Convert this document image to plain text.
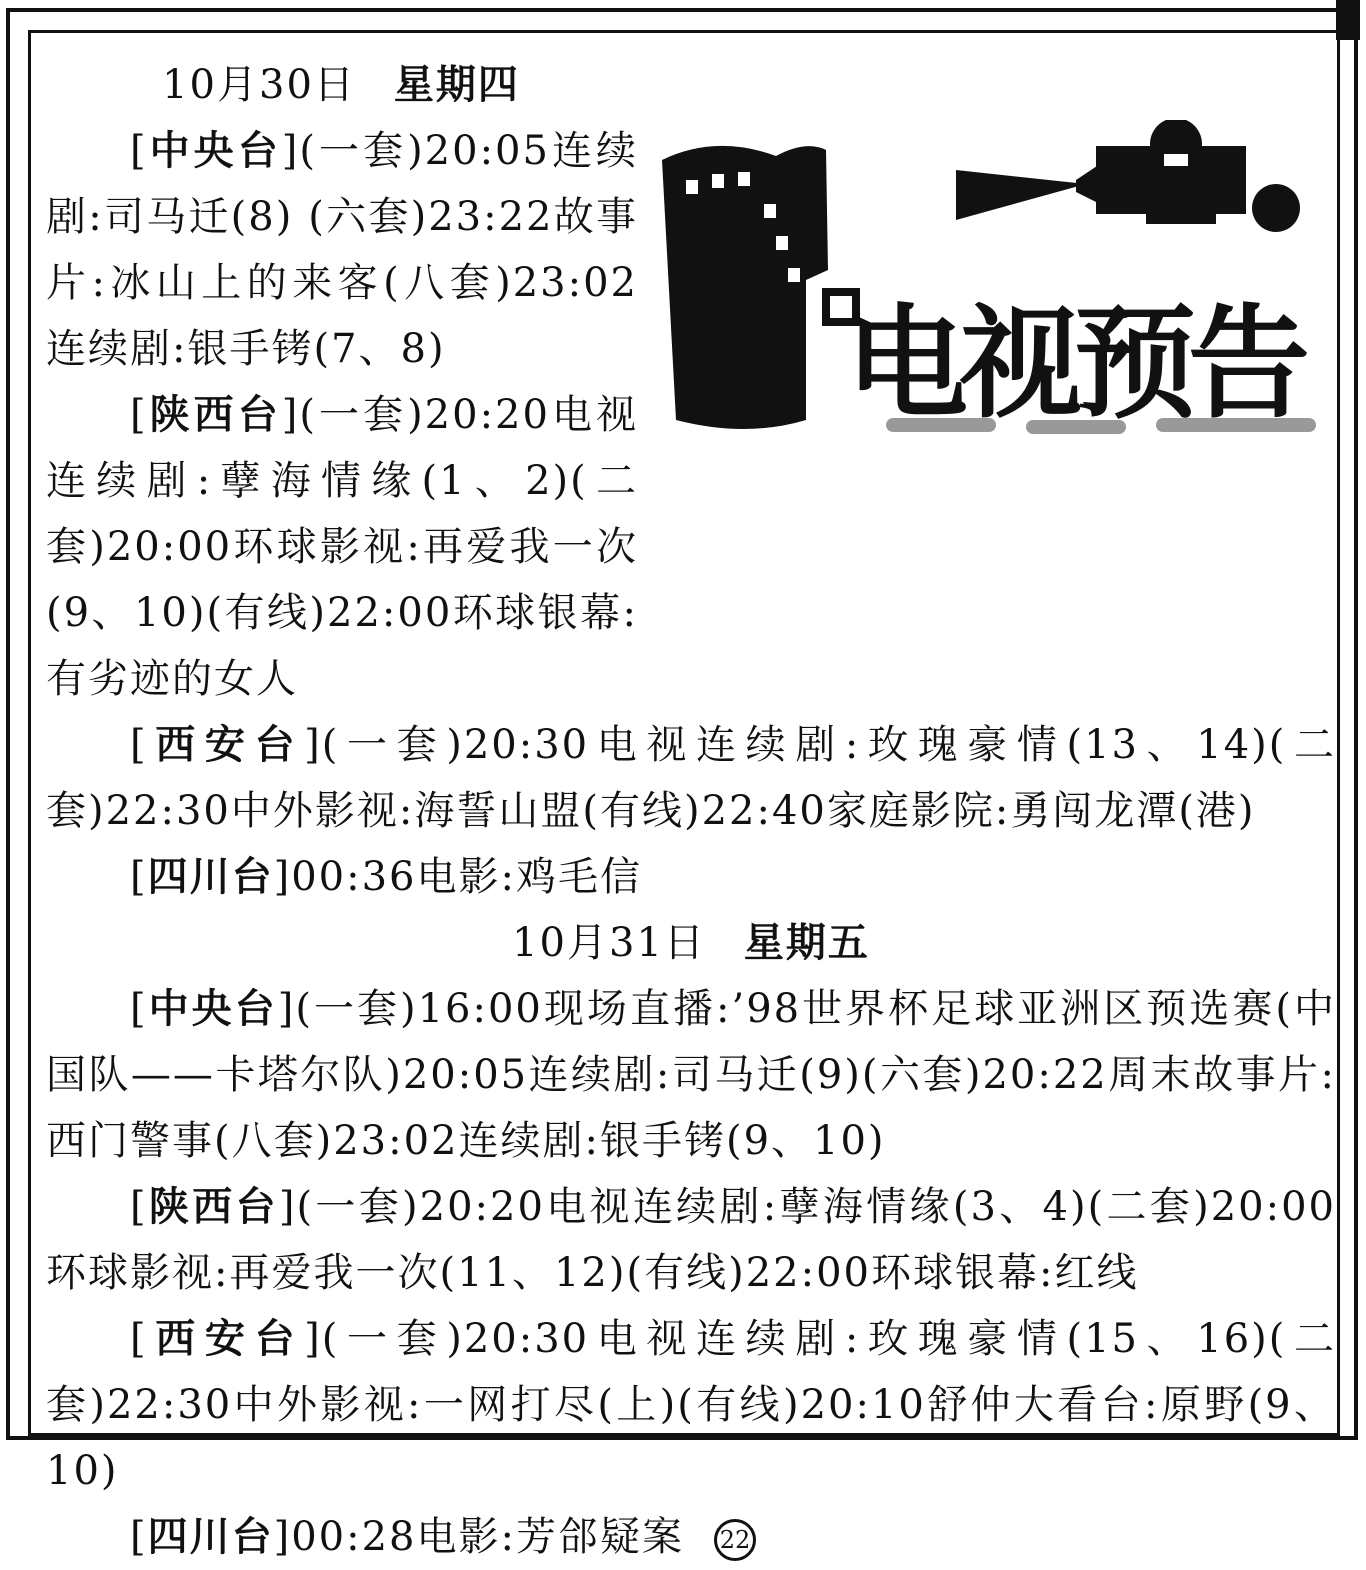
电视预告
10月30日 星期四

[中央台](一套)20:05连续剧:司马迁(8) (六套)23:22故事片:冰山上的来客(八套)23:02连续剧:银手铐(7、8)

[陕西台](一套)20:20电视连续剧:孽海情缘(1、2)(二套)20:00环球影视:再爱我一次(9、10)(有线)22:00环球银幕:有劣迹的女人

[西安台](一套)20:30电视连续剧:玫瑰豪情(13、14)(二套)22:30中外影视:海誓山盟(有线)22:40家庭影院:勇闯龙潭(港)

[四川台]00:36电影:鸡毛信

10月31日 星期五

[中央台](一套)16:00现场直播:’98世界杯足球亚洲区预选赛(中国队——卡塔尔队)20:05连续剧:司马迁(9)(六套)20:22周末故事片:西门警事(八套)23:02连续剧:银手铐(9、10)

[陕西台](一套)20:20电视连续剧:孽海情缘(3、4)(二套)20:00环球影视:再爱我一次(11、12)(有线)22:00环球银幕:红线

[西安台](一套)20:30电视连续剧:玫瑰豪情(15、16)(二套)22:30中外影视:一网打尽(上)(有线)20:10舒仲大看台:原野(9、10)

[四川台]00:28电影:芳郃疑案 22
